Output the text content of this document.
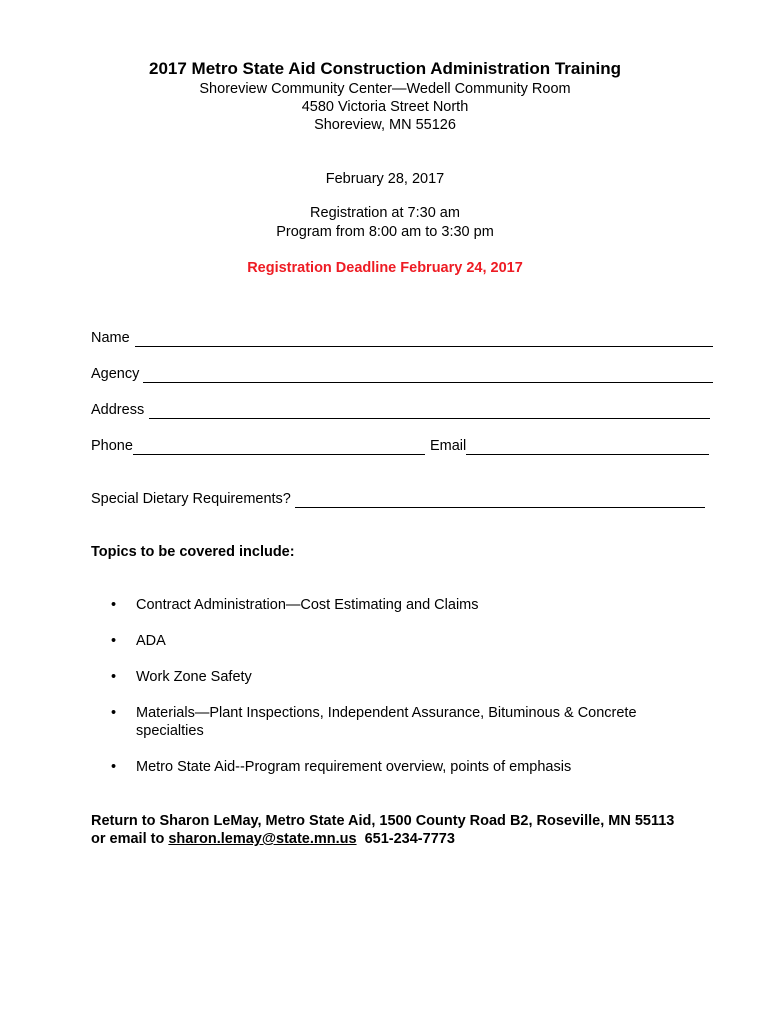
2017 Metro State Aid Construction Administration Training
Shoreview Community Center—Wedell Community Room
4580 Victoria Street North
Shoreview, MN 55126
February 28, 2017
Registration at 7:30 am
Program from 8:00 am to 3:30 pm
Registration Deadline February 24, 2017
Name
Agency
Address
Phone	Email
Special Dietary Requirements?
Topics to be covered include:
• Contract Administration—Cost Estimating and Claims
• ADA
• Work Zone Safety
• Materials—Plant Inspections, Independent Assurance, Bituminous & Concrete specialties
• Metro State Aid--Program requirement overview, points of emphasis
Return to Sharon LeMay, Metro State Aid, 1500 County Road B2, Roseville, MN 55113
or email to sharon.lemay@state.mn.us 651-234-7773
